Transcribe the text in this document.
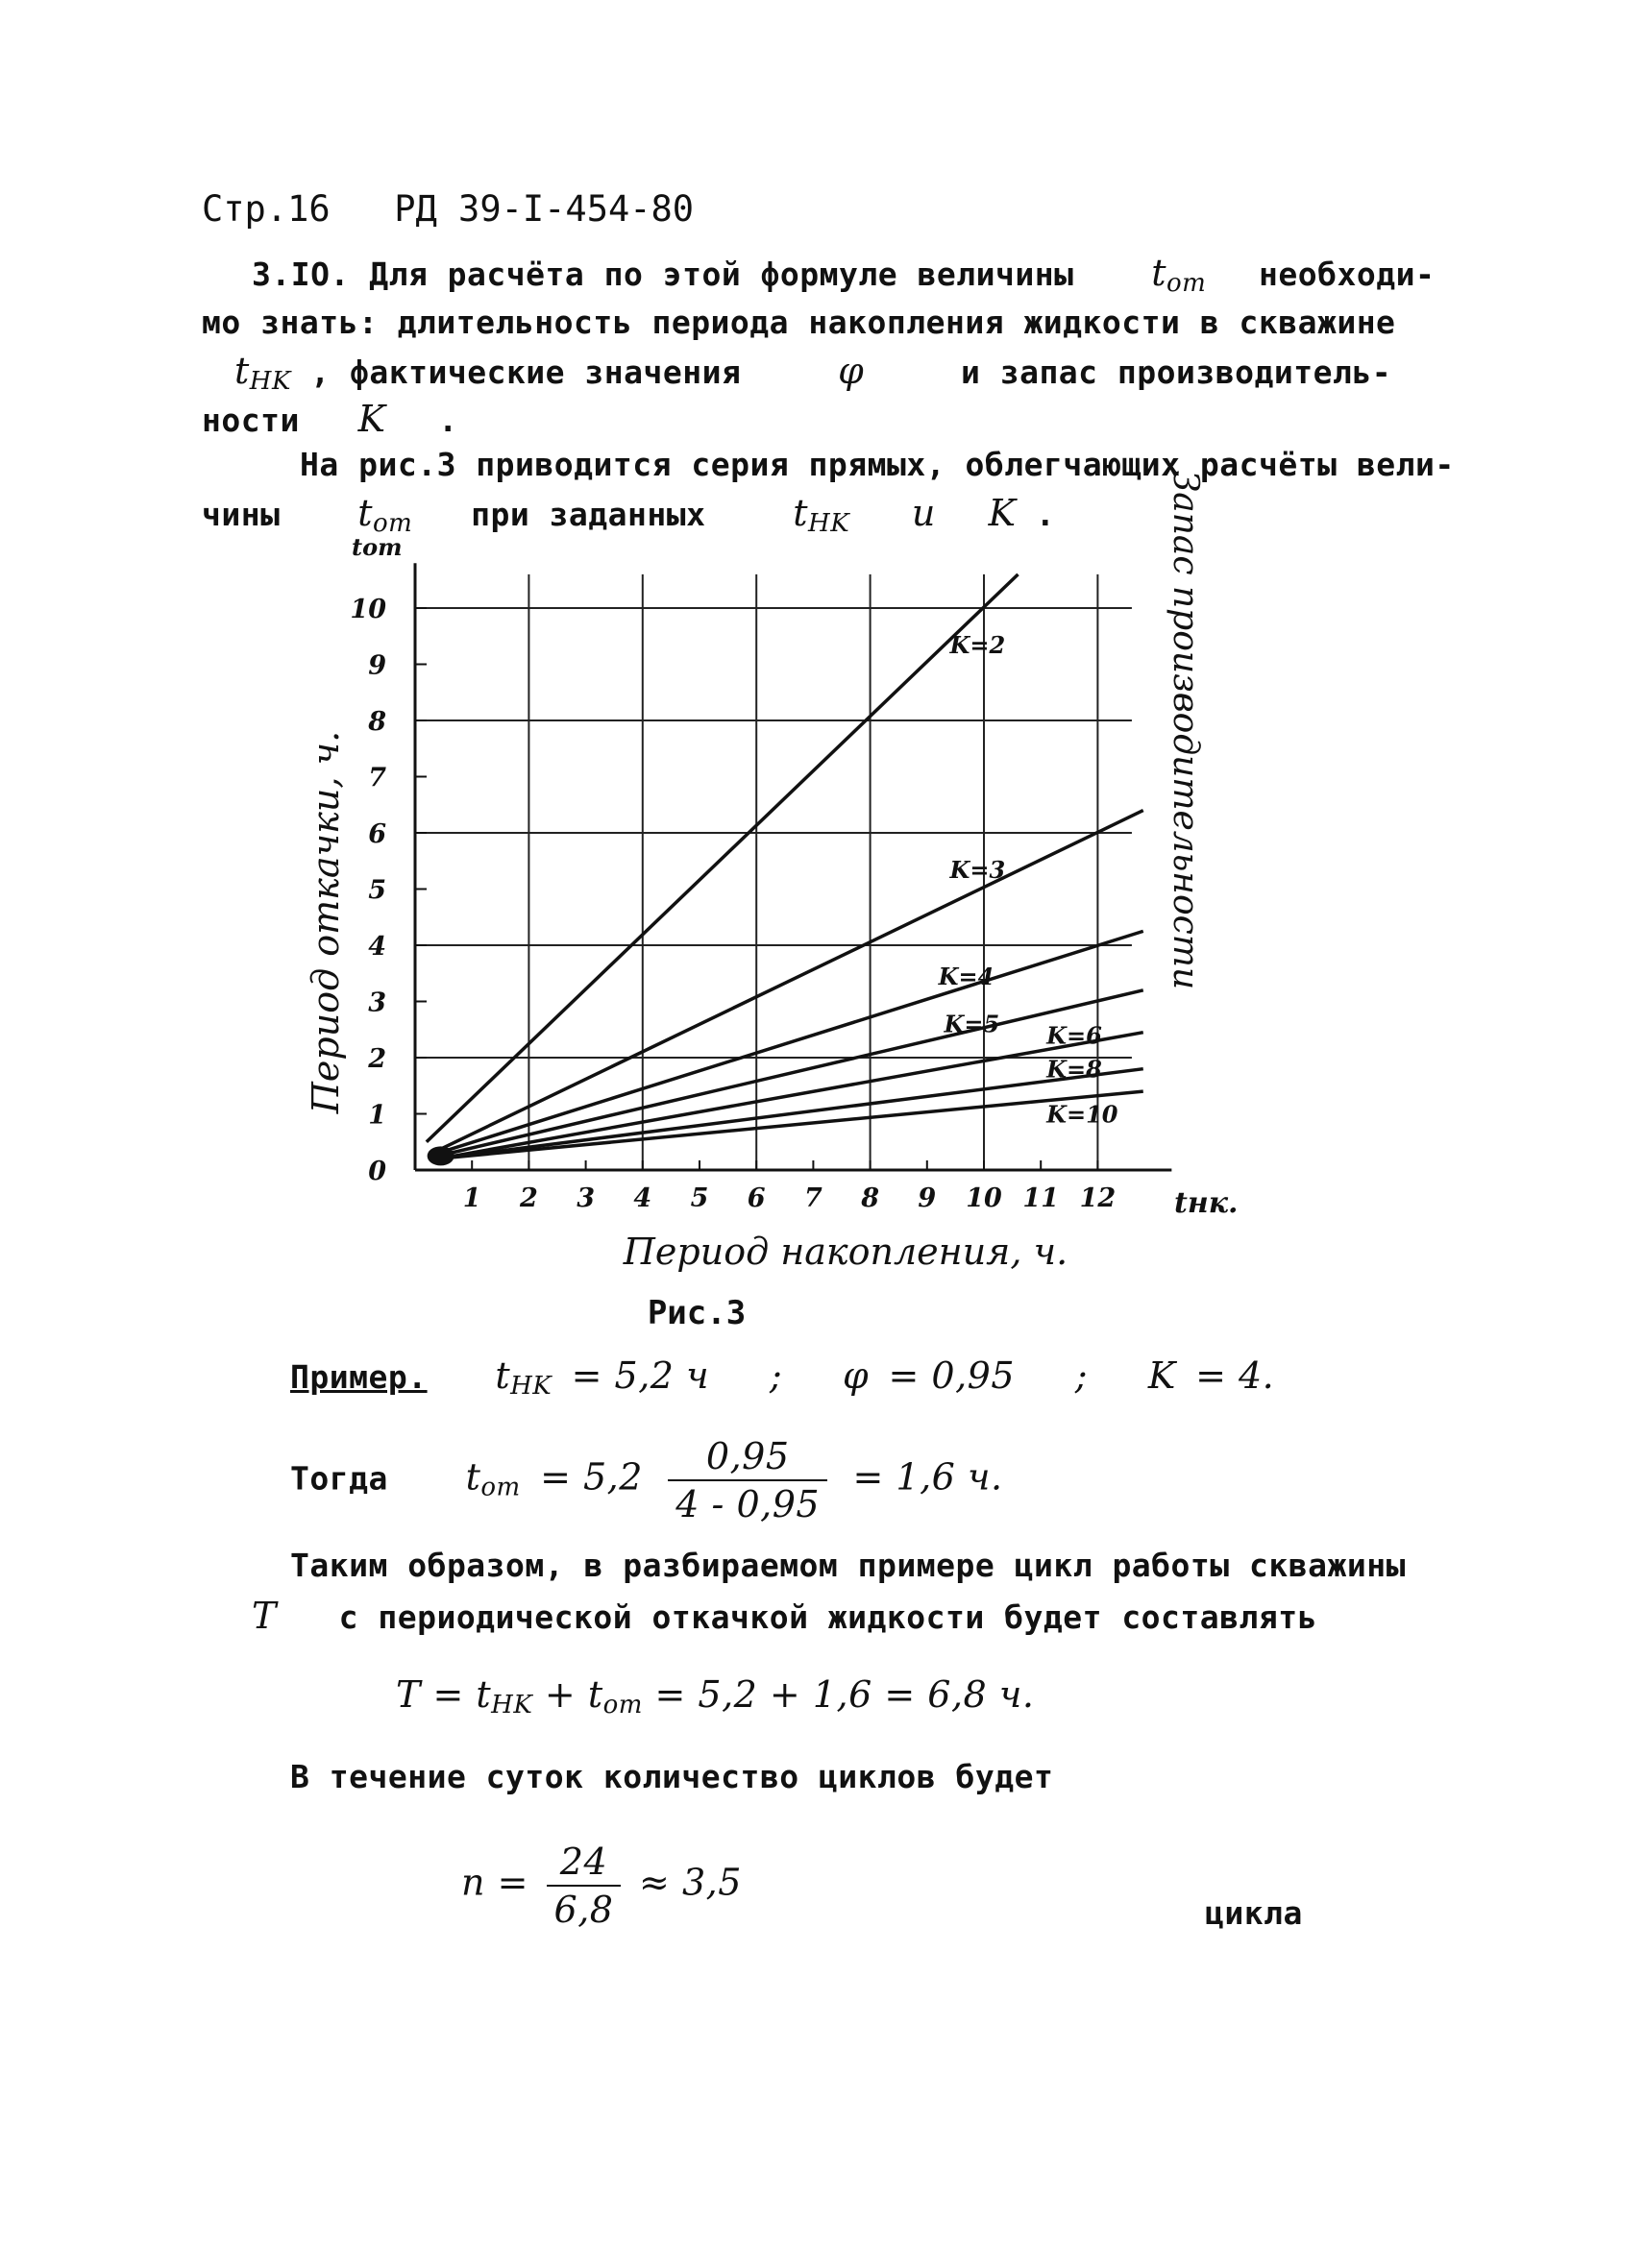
Стр.16 РД 39-I-454-80
3.IO. Для расчёта по этой формуле величины $t_{om}$ необходи-
мо знать: длительность периода накопления жидкости в скважине
$t_{HK}$ , фактические значения	φ	и запас производитель-
ности K .
На рис.3 приводится серия прямых, облегчающих расчёты вели-
чины $t_{om}$ при заданных $t_{HK}$ и K .
0
1
2
3
4
5
6
7
8
9
10
1 2 3 4 5 6 7 8 9 10 11 12
K=2
K=3
K=4
K=5 K=6
K=8
K=10
Период откачки, ч.
tom
tнк.
Период накопления, ч.
Запас производительности
Рис.3
Пример. $t_{HK} = 5,2$ ч ; φ = 0,95 ; K = 4.
Тогда $t_{om} = 5,2 \frac{0,95}{4 - 0,95} = 1,6$ ч.
Таким образом, в разбираемом примере цикл работы скважины
T с периодической откачкой жидкости будет составлять
$T = t_{HK} + t_{om} = 5,2 + 1,6 = 6,8$ ч.
В течение суток количество циклов будет
$n = \frac{24}{6,8} \approx 3,5$
цикла
